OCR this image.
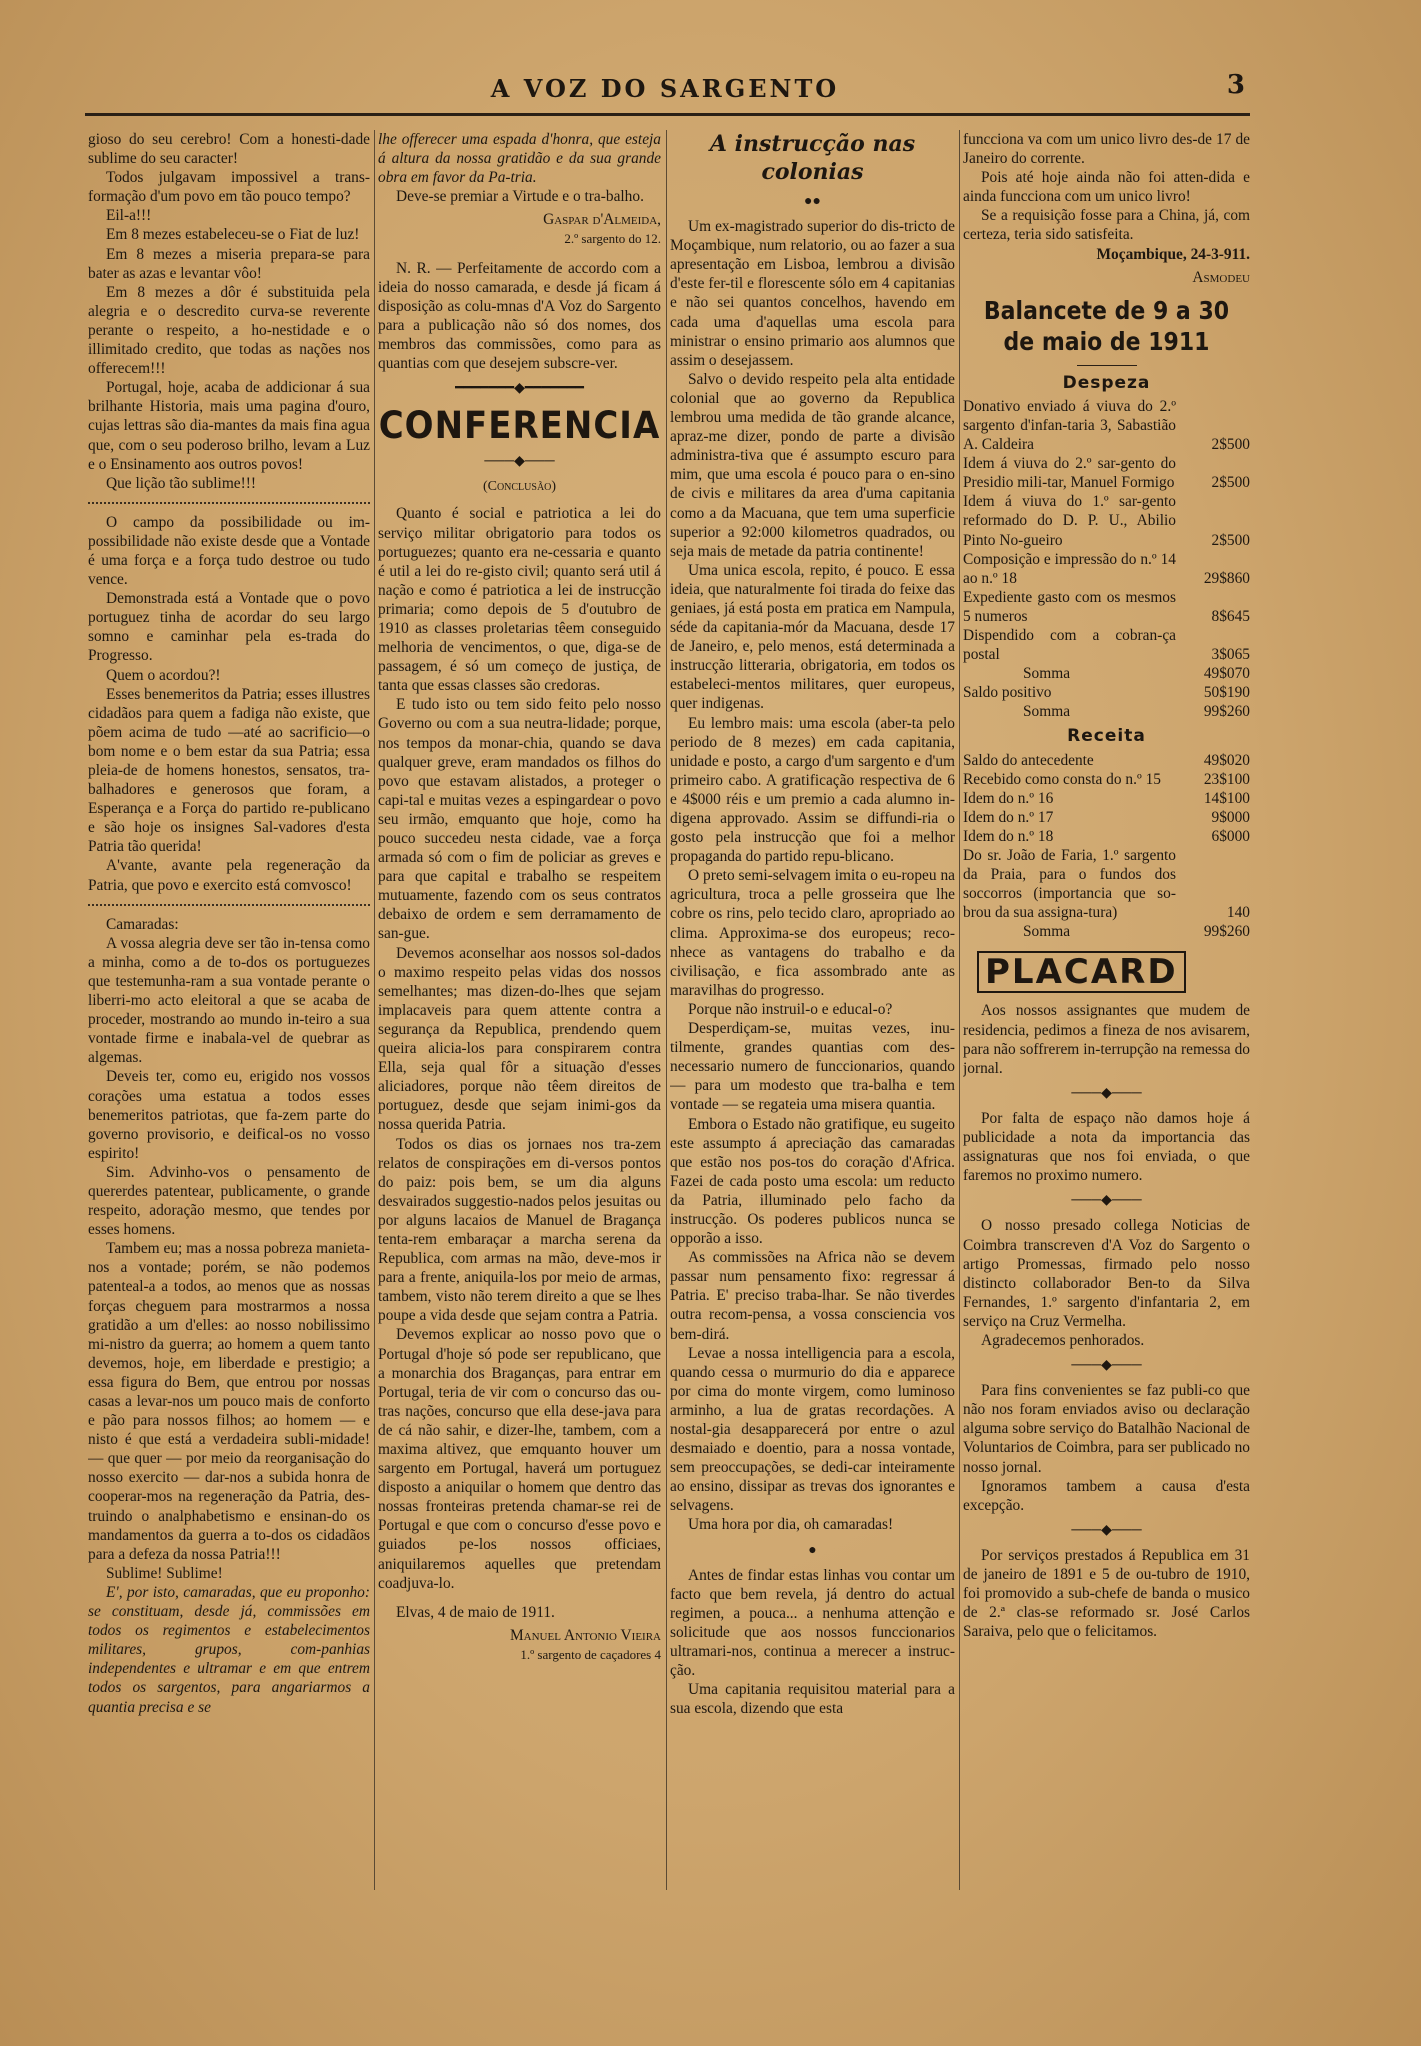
A VOZ DO SARGENTO	3

gioso do seu cerebro! Com a honesti-dade sublime do seu caracter!

Todos julgavam impossivel a trans-formação d'um povo em tão pouco tempo?

Eil-a!!!

Em 8 mezes estabeleceu-se o Fiat de luz!

Em 8 mezes a miseria prepara-se para bater as azas e levantar vôo!

Em 8 mezes a dôr é substituida pela alegria e o descredito curva-se reverente perante o respeito, a ho-nestidade e o illimitado credito, que todas as nações nos offerecem!!!

Portugal, hoje, acaba de addicionar á sua brilhante Historia, mais uma pagina d'ouro, cujas lettras são dia-mantes da mais fina agua que, com o seu poderoso brilho, levam a Luz e o Ensinamento aos outros povos!

Que lição tão sublime!!!

O campo da possibilidade ou im-possibilidade não existe desde que a Vontade é uma força e a força tudo destroe ou tudo vence.

Demonstrada está a Vontade que o povo portuguez tinha de acordar do seu largo somno e caminhar pela es-trada do Progresso.

Quem o acordou?!

Esses benemeritos da Patria; esses illustres cidadãos para quem a fadiga não existe, que põem acima de tudo —até ao sacrificio—o bom nome e o bem estar da sua Patria; essa pleia-de de homens honestos, sensatos, tra-balhadores e generosos que foram, a Esperança e a Força do partido re-publicano e são hoje os insignes Sal-vadores d'esta Patria tão querida!

A'vante, avante pela regeneração da Patria, que povo e exercito está comvosco!

Camaradas:

A vossa alegria deve ser tão in-tensa como a minha, como a de to-dos os portuguezes que testemunha-ram a sua vontade perante o liberri-mo acto eleitoral a que se acaba de proceder, mostrando ao mundo in-teiro a sua vontade firme e inabala-vel de quebrar as algemas.

Deveis ter, como eu, erigido nos vossos corações uma estatua a todos esses benemeritos patriotas, que fa-zem parte do governo provisorio, e deifical-os no vosso espirito!

Sim. Advinho-vos o pensamento de quererdes patentear, publicamente, o grande respeito, adoração mesmo, que tendes por esses homens.

Tambem eu; mas a nossa pobreza manieta-nos a vontade; porém, se não podemos patenteal-a a todos, ao menos que as nossas forças cheguem para mostrarmos a nossa gratidão a um d'elles: ao nosso nobilissimo mi-nistro da guerra; ao homem a quem tanto devemos, hoje, em liberdade e prestigio; a essa figura do Bem, que entrou por nossas casas a levar-nos um pouco mais de conforto e pão para nossos filhos; ao homem — e nisto é que está a verdadeira subli-midade! — que quer — por meio da reorganisação do nosso exercito — dar-nos a subida honra de cooperar-mos na regeneração da Patria, des-truindo o analphabetismo e ensinan-do os mandamentos da guerra a to-dos os cidadãos para a defeza da nossa Patria!!!

Sublime! Sublime!

E', por isto, camaradas, que eu proponho: se constituam, desde já, commissões em todos os regimentos e estabelecimentos militares, grupos, com-panhias independentes e ultramar e em que entrem todos os sargentos, para angariarmos a quantia precisa e se

lhe offerecer uma espada d'honra, que esteja á altura da nossa gratidão e da sua grande obra em favor da Pa-tria.

Deve-se premiar a Virtude e o tra-balho.

Gaspar d'Almeida,
2.º sargento do 12.

N. R. — Perfeitamente de accordo com a ideia do nosso camarada, e desde já ficam á disposição as colu-mnas d'A Voz do Sargento para a publicação não só dos nomes, dos membros das commissões, como para as quantias com que desejem subscre-ver.

━━━━━━━◆━━━━━━━
CONFERENCIA
───◆───
(Conclusão)

Quanto é social e patriotica a lei do serviço militar obrigatorio para todos os portuguezes; quanto era ne-cessaria e quanto é util a lei do re-gisto civil; quanto será util á nação e como é patriotica a lei de instrucção primaria; como depois de 5 d'outubro de 1910 as classes proletarias têem conseguido melhoria de vencimentos, o que, diga-se de passagem, é só um começo de justiça, de tanta que essas classes são credoras.

E tudo isto ou tem sido feito pelo nosso Governo ou com a sua neutra-lidade; porque, nos tempos da monar-chia, quando se dava qualquer greve, eram mandados os filhos do povo que estavam alistados, a proteger o capi-tal e muitas vezes a espingardear o povo seu irmão, emquanto que hoje, como ha pouco succedeu nesta cidade, vae a força armada só com o fim de policiar as greves e para que capital e trabalho se respeitem mutuamente, fazendo com os seus contratos debaixo de ordem e sem derramamento de san-gue.

Devemos aconselhar aos nossos sol-dados o maximo respeito pelas vidas dos nossos semelhantes; mas dizen-do-lhes que sejam implacaveis para quem attente contra a segurança da Republica, prendendo quem queira alicia-los para conspirarem contra Ella, seja qual fôr a situação d'esses aliciadores, porque não têem direitos de portuguez, desde que sejam inimi-gos da nossa querida Patria.

Todos os dias os jornaes nos tra-zem relatos de conspirações em di-versos pontos do paiz: pois bem, se um dia alguns desvairados suggestio-nados pelos jesuitas ou por alguns lacaios de Manuel de Bragança tenta-rem embaraçar a marcha serena da Republica, com armas na mão, deve-mos ir para a frente, aniquila-los por meio de armas, tambem, visto não terem direito a que se lhes poupe a vida desde que sejam contra a Patria.

Devemos explicar ao nosso povo que o Portugal d'hoje só pode ser republicano, que a monarchia dos Braganças, para entrar em Portugal, teria de vir com o concurso das ou-tras nações, concurso que ella dese-java para de cá não sahir, e dizer-lhe, tambem, com a maxima altivez, que emquanto houver um sargento em Portugal, haverá um portuguez disposto a aniquilar o homem que dentro das nossas fronteiras pretenda chamar-se rei de Portugal e que com o concurso d'esse povo e guiados pe-los nossos officiaes, aniquilaremos aquelles que pretendam coadjuva-lo.

Elvas, 4 de maio de 1911.

Manuel Antonio Vieira
1.º sargento de caçadores 4
A instrucção nas colonias
●●

Um ex-magistrado superior do dis-tricto de Moçambique, num relatorio, ou ao fazer a sua apresentação em Lisboa, lembrou a divisão d'este fer-til e florescente sólo em 4 capitanias e não sei quantos concelhos, havendo em cada uma d'aquellas uma escola para ministrar o ensino primario aos alumnos que assim o desejassem.

Salvo o devido respeito pela alta entidade colonial que ao governo da Republica lembrou uma medida de tão grande alcance, apraz-me dizer, pondo de parte a divisão administra-tiva que é assumpto escuro para mim, que uma escola é pouco para o en-sino de civis e militares da area d'uma capitania como a da Macuana, que tem uma superficie superior a 92:000 kilometros quadrados, ou seja mais de metade da patria continente!

Uma unica escola, repito, é pouco. E essa ideia, que naturalmente foi tirada do feixe das geniaes, já está posta em pratica em Nampula, séde da capitania-mór da Macuana, desde 17 de Janeiro, e, pelo menos, está determinada a instrucção litteraria, obrigatoria, em todos os estabeleci-mentos militares, quer europeus, quer indigenas.

Eu lembro mais: uma escola (aber-ta pelo periodo de 8 mezes) em cada capitania, unidade e posto, a cargo d'um sargento e d'um primeiro cabo. A gratificação respectiva de 6 e 4$000 réis e um premio a cada alumno in-digena approvado. Assim se diffundi-ria o gosto pela instrucção que foi a melhor propaganda do partido repu-blicano.

O preto semi-selvagem imita o eu-ropeu na agricultura, troca a pelle grosseira que lhe cobre os rins, pelo tecido claro, apropriado ao clima. Approxima-se dos europeus; reco-nhece as vantagens do trabalho e da civilisação, e fica assombrado ante as maravilhas do progresso.

Porque não instruil-o e educal-o?

Desperdiçam-se, muitas vezes, inu-tilmente, grandes quantias com des-necessario numero de funccionarios, quando — para um modesto que tra-balha e tem vontade — se regateia uma misera quantia.

Embora o Estado não gratifique, eu sugeito este assumpto á apreciação das camaradas que estão nos pos-tos do coração d'Africa. Fazei de cada posto uma escola: um reducto da Patria, illuminado pelo facho da instrucção. Os poderes publicos nunca se opporão a isso.

As commissões na Africa não se devem passar num pensamento fixo: regressar á Patria. E' preciso traba-lhar. Se não tiverdes outra recom-pensa, a vossa consciencia vos bem-dirá.

Levae a nossa intelligencia para a escola, quando cessa o murmurio do dia e apparece por cima do monte virgem, como luminoso arminho, a lua de gratas recordações. A nostal-gia desapparecerá por entre o azul desmaiado e doentio, para a nossa vontade, sem preoccupações, se dedi-car inteiramente ao ensino, dissipar as trevas dos ignorantes e selvagens.

Uma hora por dia, oh camaradas!

●

Antes de findar estas linhas vou contar um facto que bem revela, já dentro do actual regimen, a pouca... a nenhuma attenção e solicitude que aos nossos funccionarios ultramari-nos, continua a merecer a instruc-ção.

Uma capitania requisitou material para a sua escola, dizendo que esta

funcciona va com um unico livro des-de 17 de Janeiro do corrente.

Pois até hoje ainda não foi atten-dida e ainda funcciona com um unico livro!

Se a requisição fosse para a China, já, com certeza, teria sido satisfeita.

Moçambique, 24-3-911.
Asmodeu
Balancete de 9 a 30 de maio de 1911
Despeza
Donativo enviado á viuva do 2.º sargento d'infan-taria 3, Sabastião A. Caldeira	2$500
Idem á viuva do 2.º sar-gento do Presidio mili-tar, Manuel Formigo	2$500
Idem á viuva do 1.º sar-gento reformado do D. P. U., Abilio Pinto No-gueiro	2$500
Composição e impressão do n.º 14 ao n.º 18	29$860
Expediente gasto com os mesmos 5 numeros	8$645
Dispendido com a cobran-ça postal	3$065
Somma	49$070
Saldo positivo	50$190
Somma	99$260
Receita
Saldo do antecedente	49$020
Recebido como consta do n.º 15	23$100
Idem do n.º 16	14$100
Idem do n.º 17	9$000
Idem do n.º 18	6$000
Do sr. João de Faria, 1.º sargento da Praia, para o fundos dos soccorros (importancia que so-brou da sua assigna-tura)	140
Somma	99$260
PLACARD

Aos nossos assignantes que mudem de residencia, pedimos a fineza de nos avisarem, para não soffrerem in-terrupção na remessa do jornal.

───◆───

Por falta de espaço não damos hoje á publicidade a nota da importancia das assignaturas que nos foi enviada, o que faremos no proximo numero.

───◆───

O nosso presado collega Noticias de Coimbra transcreven d'A Voz do Sargento o artigo Promessas, firmado pelo nosso distincto collaborador Ben-to da Silva Fernandes, 1.º sargento d'infantaria 2, em serviço na Cruz Vermelha.

Agradecemos penhorados.

───◆───

Para fins convenientes se faz publi-co que não nos foram enviados aviso ou declaração alguma sobre serviço do Batalhão Nacional de Voluntarios de Coimbra, para ser publicado no nosso jornal.

Ignoramos tambem a causa d'esta excepção.

───◆───

Por serviços prestados á Republica em 31 de janeiro de 1891 e 5 de ou-tubro de 1910, foi promovido a sub-chefe de banda o musico de 2.ª clas-se reformado sr. José Carlos Saraiva, pelo que o felicitamos.
